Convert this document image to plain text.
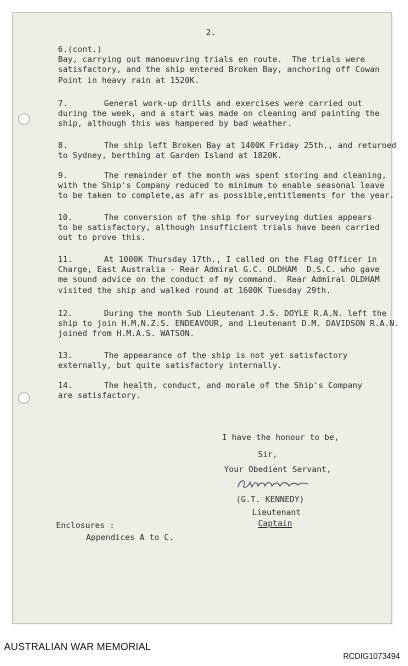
2.
6.(cont.)
Bay, carrying out manoeuvring trials en route.  The trials were
satisfactory, and the ship entered Broken Bay, anchoring off Cowan
Point in heavy rain at 1520K.
7.	General work-up drills and exercises were carried out
during the week, and a start was made on cleaning and painting the
ship, although this was hampered by bad weather.
8.	The ship left Broken Bay at 1400K Friday 25th., and returned
to Sydney, berthing at Garden Island at 1820K.
9.	The remainder of the month was spent storing and cleaning,
with the Ship's Company reduced to minimum to enable seasonal leave
to be taken to complete,as afr as possible,entitlements for the year.
10.	The conversion of the ship for surveying duties appears
to be satisfactory, although insufficient trials have been carried
out to prove this.
11.	At 1000K Thursday 17th., I called on the Flag Officer in
Charge, East Australia - Rear Admiral G.C. OLDHAM  D.S.C. who gave
me sound advice on the conduct of my command.  Rear Admiral OLDHAM
visited the ship and walked round at 1600K Tuesday 29th.
12.	During the month Sub Lieutenant J.S. DOYLE R.A.N. left the
ship to join H.M.N.Z.S. ENDEAVOUR, and Lieutenant D.M. DAVIDSON R.A.N.
joined from H.M.A.S. WATSON.
13.	The appearance of the ship is not yet satisfactory
externally, but quite satisfactory internally.
14.	The health, conduct, and morale of the Ship's Company
are satisfactory.
I have the honour to be,
Sir,
Your Obedient Servant,
(G.T. KENNEDY)
Lieutenant
Captain
Enclosures :
Appendices A to C.
AUSTRALIAN WAR MEMORIAL
RCDIG1073494
